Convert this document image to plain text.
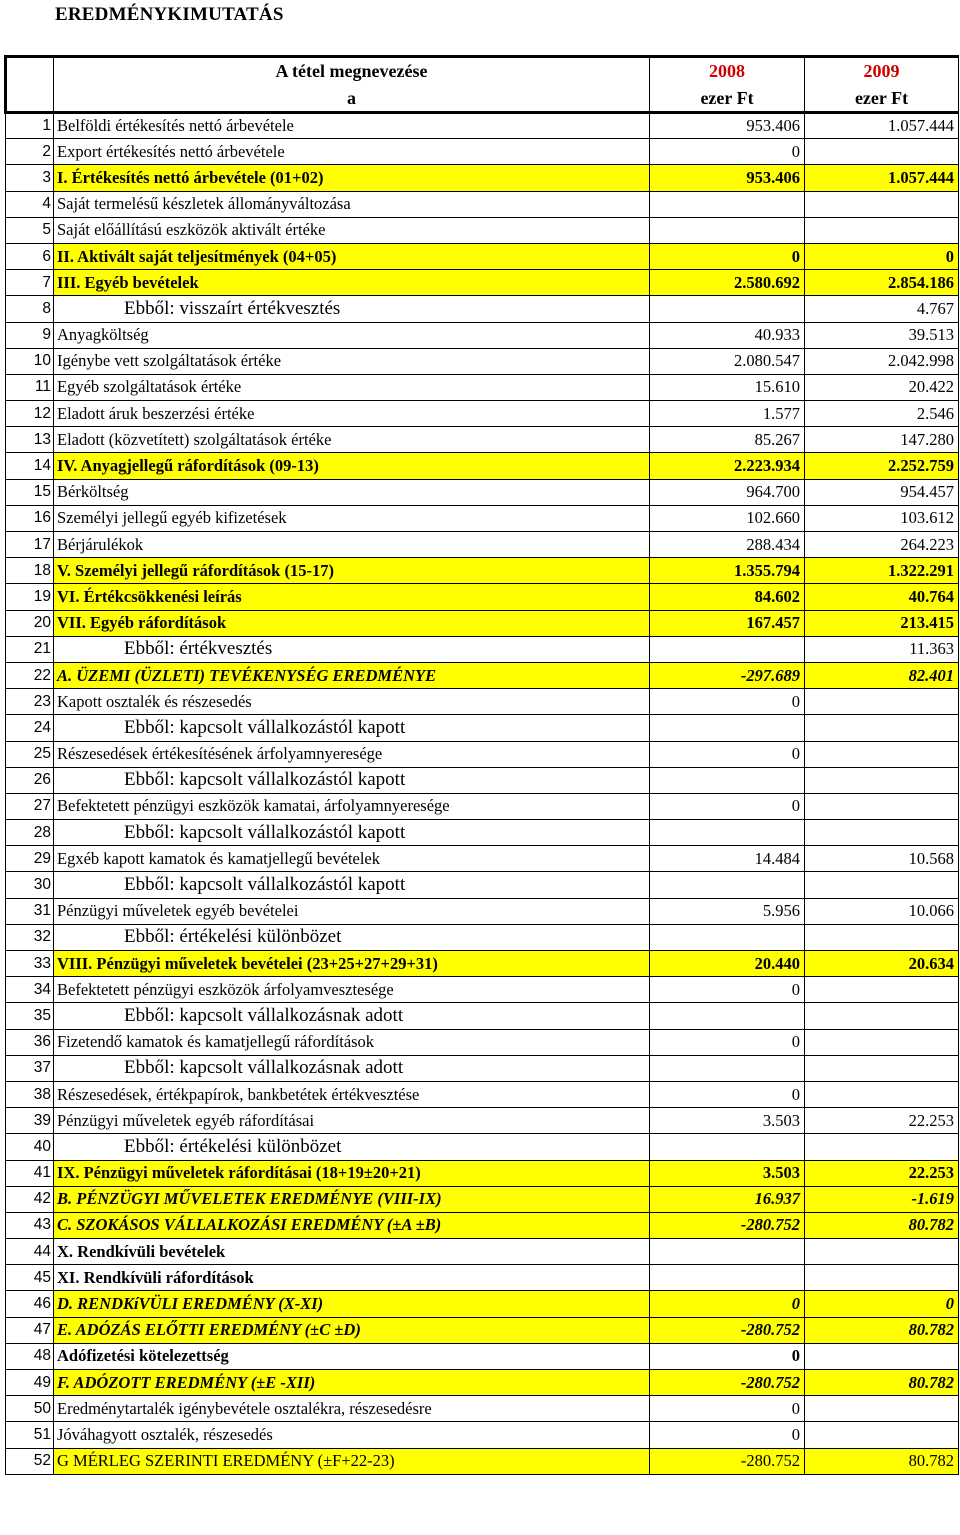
EREDMÉNYKIMUTATÁS
	A tétel megnevezése	2008	2009
	a	ezer Ft	ezer Ft
1	Belföldi értékesítés nettó árbevétele	953.406	1.057.444
2	Export értékesítés nettó árbevétele	0	
3	I. Értékesítés nettó árbevétele (01+02)	953.406	1.057.444
4	Saját termelésű készletek állományváltozása		
5	Saját előállítású eszközök aktivált értéke		
6	II. Aktivált saját teljesítmények (04+05)	0	0
7	III. Egyéb bevételek	2.580.692	2.854.186
8	Ebből: visszaírt értékvesztés		4.767
9	Anyagköltség	40.933	39.513
10	Igénybe vett szolgáltatások értéke	2.080.547	2.042.998
11	Egyéb szolgáltatások értéke	15.610	20.422
12	Eladott áruk beszerzési értéke	1.577	2.546
13	Eladott (közvetített) szolgáltatások értéke	85.267	147.280
14	IV. Anyagjellegű ráfordítások (09-13)	2.223.934	2.252.759
15	Bérköltség	964.700	954.457
16	Személyi jellegű egyéb kifizetések	102.660	103.612
17	Bérjárulékok	288.434	264.223
18	V. Személyi jellegű ráfordítások (15-17)	1.355.794	1.322.291
19	VI. Értékcsökkenési leírás	84.602	40.764
20	VII. Egyéb ráfordítások	167.457	213.415
21	Ebből: értékvesztés		11.363
22	A. ÜZEMI (ÜZLETI) TEVÉKENYSÉG EREDMÉNYE	-297.689	82.401
23	Kapott osztalék és részesedés	0	
24	Ebből: kapcsolt vállalkozástól kapott		
25	Részesedések értékesítésének árfolyamnyeresége	0	
26	Ebből: kapcsolt vállalkozástól kapott		
27	Befektetett pénzügyi eszközök kamatai, árfolyamnyeresége	0	
28	Ebből: kapcsolt vállalkozástól kapott		
29	Egxéb kapott kamatok és kamatjellegű bevételek	14.484	10.568
30	Ebből: kapcsolt vállalkozástól kapott		
31	Pénzügyi műveletek egyéb bevételei	5.956	10.066
32	Ebből: értékelési különbözet		
33	VIII. Pénzügyi műveletek bevételei (23+25+27+29+31)	20.440	20.634
34	Befektetett pénzügyi eszközök árfolyamvesztesége	0	
35	Ebből: kapcsolt vállalkozásnak adott		
36	Fizetendő kamatok és kamatjellegű ráfordítások	0	
37	Ebből: kapcsolt vállalkozásnak adott		
38	Részesedések, értékpapírok, bankbetétek értékvesztése	0	
39	Pénzügyi műveletek egyéb ráfordításai	3.503	22.253
40	Ebből: értékelési különbözet		
41	IX. Pénzügyi műveletek ráfordításai (18+19±20+21)	3.503	22.253
42	B. PÉNZÜGYI MŰVELETEK EREDMÉNYE (VIII-IX)	16.937	-1.619
43	C. SZOKÁSOS VÁLLALKOZÁSI EREDMÉNY (±A ±B)	-280.752	80.782
44	X. Rendkívüli bevételek		
45	XI. Rendkívüli ráfordítások		
46	D. RENDKíVÜLI EREDMÉNY (X-XI)	0	0
47	E. ADÓZÁS ELŐTTI EREDMÉNY (±C ±D)	-280.752	80.782
48	Adófizetési kötelezettség	0	
49	F. ADÓZOTT EREDMÉNY (±E -XII)	-280.752	80.782
50	Eredménytartalék igénybevétele osztalékra, részesedésre	0	
51	Jóváhagyott osztalék, részesedés	0	
52	G MÉRLEG SZERINTI EREDMÉNY (±F+22-23)	-280.752	80.782
